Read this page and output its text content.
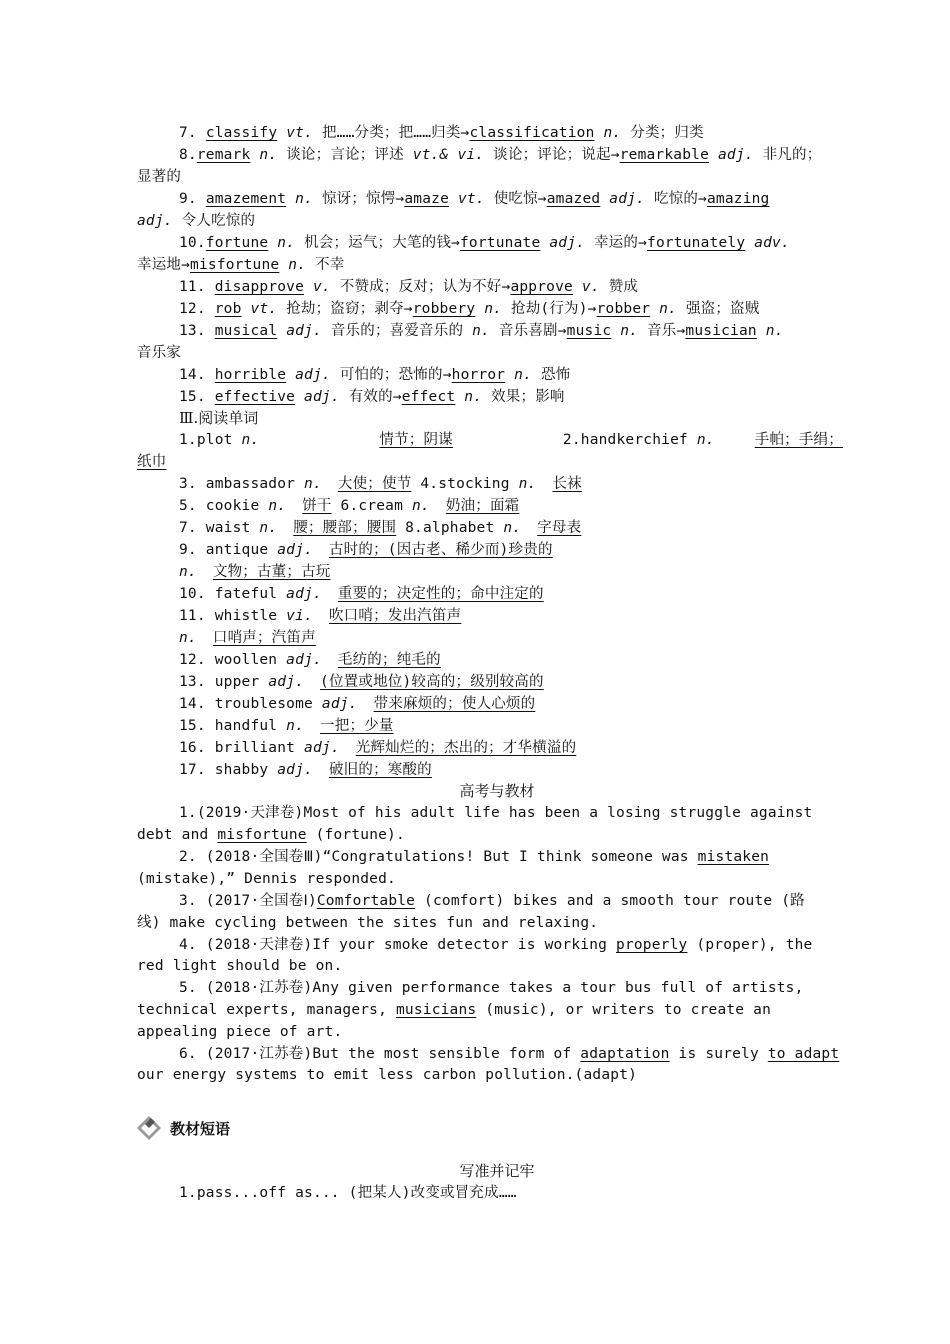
7. classify vt. 把……分类；把……归类→classification n. 分类；归类
8.remark n. 谈论；言论；评述 vt.& vi. 谈论；评论；说起→remarkable adj. 非凡的；
显著的
9. amazement n. 惊讶；惊愕→amaze vt. 使吃惊→amazed adj. 吃惊的→amazing
adj. 令人吃惊的
10.fortune n. 机会；运气；大笔的钱→fortunate adj. 幸运的→fortunately adv.
幸运地→misfortune n. 不幸
11. disapprove v. 不赞成；反对；认为不好→approve v. 赞成
12. rob vt. 抢劫；盗窃；剥夺→robbery n. 抢劫(行为)→robber n. 强盗；盗贼
13. musical adj. 音乐的；喜爱音乐的 n. 音乐喜剧→music n. 音乐→musician n.
音乐家
14. horrible adj. 可怕的；恐怖的→horror n. 恐怖
15. effective adj. 有效的→effect n. 效果；影响
Ⅲ.阅读单词
1.plot n.	情节；阴谋	2.handkerchief n.	手帕；手绢；
纸巾
3. ambassador n. 大使；使节 4.stocking n. 长袜
5. cookie n. 饼干 6.cream n. 奶油；面霜
7. waist n. 腰；腰部；腰围 8.alphabet n. 字母表
9. antique adj. 古时的；(因古老、稀少而)珍贵的
n. 文物；古董；古玩
10. fateful adj. 重要的；决定性的；命中注定的
11. whistle vi. 吹口哨；发出汽笛声
n. 口哨声；汽笛声
12. woollen adj. 毛纺的；纯毛的
13. upper adj. (位置或地位)较高的；级别较高的
14. troublesome adj. 带来麻烦的；使人心烦的
15. handful n. 一把；少量
16. brilliant adj. 光辉灿烂的；杰出的；才华横溢的
17. shabby adj. 破旧的；寒酸的
高考与教材
1.(2019·天津卷)Most of his adult life has been a losing struggle against
debt and misfortune (fortune).
2. (2018·全国卷Ⅲ)“Congratulations! But I think someone was mistaken
(mistake),” Dennis responded.
3. (2017·全国卷Ⅰ)Comfortable (comfort) bikes and a smooth tour route (路
线) make cycling between the sites fun and relaxing.
4. (2018·天津卷)If your smoke detector is working properly (proper), the
red light should be on.
5. (2018·江苏卷)Any given performance takes a tour bus full of artists,
technical experts, managers, musicians (music), or writers to create an
appealing piece of art.
6. (2017·江苏卷)But the most sensible form of adaptation is surely to adapt
our energy systems to emit less carbon pollution.(adapt)
教材短语
写准并记牢
1.pass...off as... (把某人)改变或冒充成……
